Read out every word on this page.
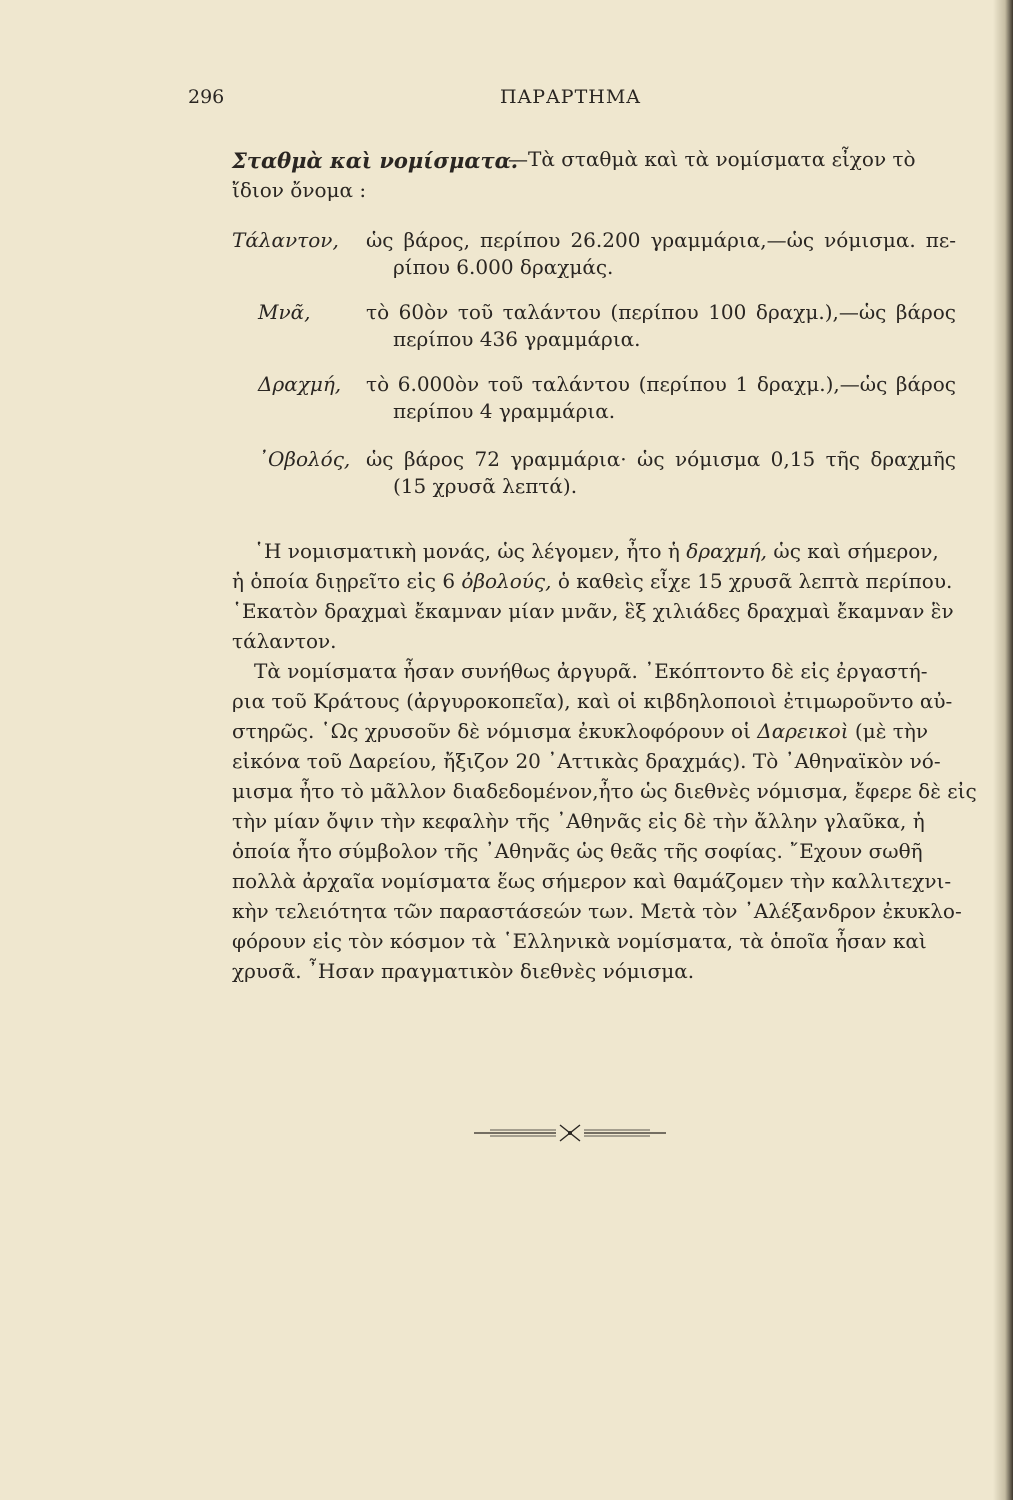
296	ΠΑΡΑΡΤΗΜΑ
Σταθμὰ καὶ νομίσματα.
—Τὰ σταθμὰ καὶ τὰ νομίσματα εἶχον τὸ
ἴδιον ὄνομα :
Τάλαντον, ὡς βάρος, περίπου 26.200 γραμμάρια,—ὡς νόμισμα. πε-
ρίπου 6.000 δραχμάς.
Μνᾶ,	τὸ 60ὸν τοῦ ταλάντου (περίπου 100 δραχμ.),—ὡς βάρος
περίπου 436 γραμμάρια.
Δραχμή, τὸ 6.000ὸν τοῦ ταλάντου (περίπου 1 δραχμ.),—ὡς βάρος
περίπου 4 γραμμάρια.
᾿Οβολός, ὡς βάρος 72 γραμμάρια· ὡς νόμισμα 0,15 τῆς δραχμῆς
(15 χρυσᾶ λεπτά).
῾Η νομισματικὴ μονάς, ὡς λέγομεν, ἦτο ἡ δραχμή, ὡς καὶ σήμερον,
ἡ ὁποία διῃρεῖτο εἰς 6 ὀβολούς, ὁ καθεὶς εἶχε 15 χρυσᾶ λεπτὰ περίπου.
῾Εκατὸν δραχμαὶ ἔκαμναν μίαν μνᾶν, ἓξ χιλιάδες δραχμαὶ ἔκαμναν ἓν
τάλαντον.
Τὰ νομίσματα ἦσαν συνήθως ἀργυρᾶ. ᾿Εκόπτοντο δὲ εἰς ἐργαστή-
ρια τοῦ Κράτους (ἀργυροκοπεῖα), καὶ οἱ κιβδηλοποιοὶ ἐτιμωροῦντο αὐ-
στηρῶς. ῾Ως χρυσοῦν δὲ νόμισμα ἐκυκλοφόρουν οἱ Δαρεικοὶ (μὲ τὴν
εἰκόνα τοῦ Δαρείου, ἤξιζον 20 ᾿Αττικὰς δραχμάς). Τὸ ᾿Αθηναϊκὸν νό-
μισμα ἦτο τὸ μᾶλλον διαδεδομένον,ἦτο ὡς διεθνὲς νόμισμα, ἔφερε δὲ εἰς
τὴν μίαν ὄψιν τὴν κεφαλὴν τῆς ᾿Αθηνᾶς εἰς δὲ τὴν ἄλλην γλαῦκα, ἡ
ὁποία ἦτο σύμβολον τῆς ᾿Αθηνᾶς ὡς θεᾶς τῆς σοφίας. ῎Εχουν σωθῆ
πολλὰ ἀρχαῖα νομίσματα ἕως σήμερον καὶ θαμάζομεν τὴν καλλιτεχνι-
κὴν τελειότητα τῶν παραστάσεών των. Μετὰ τὸν ᾿Αλέξανδρον ἐκυκλο-
φόρουν εἰς τὸν κόσμον τὰ ῾Ελληνικὰ νομίσματα, τὰ ὁποῖα ἦσαν καὶ
χρυσᾶ. ῏Ησαν πραγματικὸν διεθνὲς νόμισμα.
